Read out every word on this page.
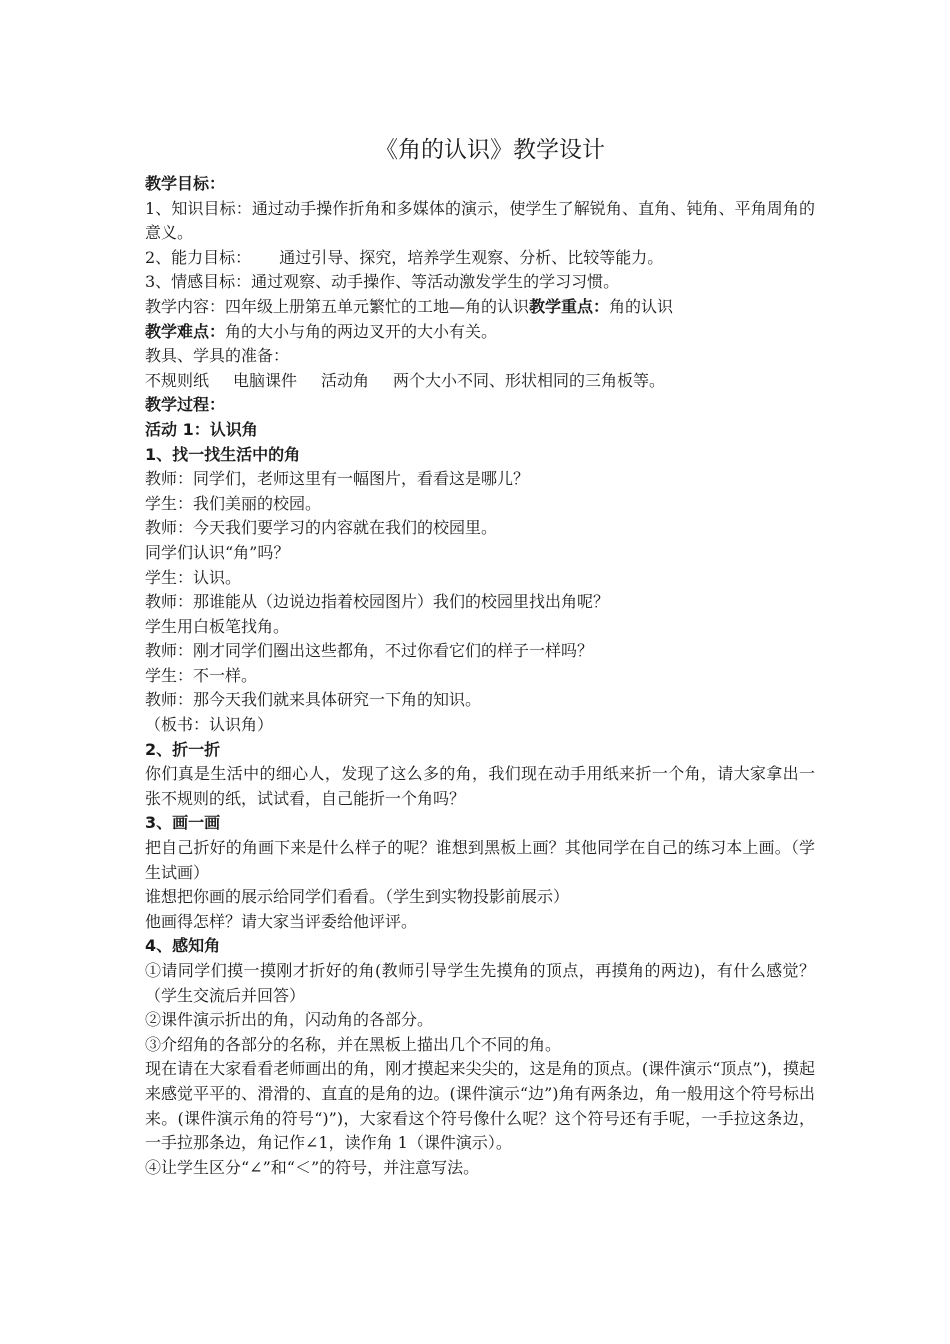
《角的认识》教学设计

教学目标：

1、知识目标：通过动手操作折角和多媒体的演示，使学生了解锐角、直角、钝角、平角周角的意义。

2、能力目标： 通过引导、探究，培养学生观察、分析、比较等能力。

3、情感目标：通过观察、动手操作、等活动激发学生的学习习惯。

教学内容：四年级上册第五单元繁忙的工地—角的认识教学重点：角的认识

教学难点：角的大小与角的两边叉开的大小有关。

教具、学具的准备：

不规则纸 电脑课件 活动角 两个大小不同、形状相同的三角板等。

教学过程：

活动 1：认识角

1、找一找生活中的角

教师：同学们，老师这里有一幅图片，看看这是哪儿？

学生：我们美丽的校园。

教师：今天我们要学习的内容就在我们的校园里。

同学们认识“角”吗？

学生：认识。

教师：那谁能从（边说边指着校园图片）我们的校园里找出角呢？

学生用白板笔找角。

教师：刚才同学们圈出这些都角，不过你看它们的样子一样吗？

学生：不一样。

教师：那今天我们就来具体研究一下角的知识。

（板书：认识角）

2、折一折

你们真是生活中的细心人，发现了这么多的角，我们现在动手用纸来折一个角，请大家拿出一张不规则的纸，试试看，自己能折一个角吗？

3、画一画

把自己折好的角画下来是什么样子的呢？谁想到黑板上画？其他同学在自己的练习本上画。（学生试画）

谁想把你画的展示给同学们看看。（学生到实物投影前展示）

他画得怎样？请大家当评委给他评评。

4、感知角

①请同学们摸一摸刚才折好的角(教师引导学生先摸角的顶点，再摸角的两边)，有什么感觉？（学生交流后并回答）

②课件演示折出的角，闪动角的各部分。

③介绍角的各部分的名称，并在黑板上描出几个不同的角。

现在请在大家看看老师画出的角，刚才摸起来尖尖的，这是角的顶点。(课件演示“顶点”)，摸起来感觉平平的、滑滑的、直直的是角的边。(课件演示“边”)角有两条边，角一般用这个符号标出来。(课件演示角的符号“)”)，大家看这个符号像什么呢？这个符号还有手呢，一手拉这条边，一手拉那条边，角记作∠1，读作角 1（课件演示）。

④让学生区分“∠”和“＜”的符号，并注意写法。
